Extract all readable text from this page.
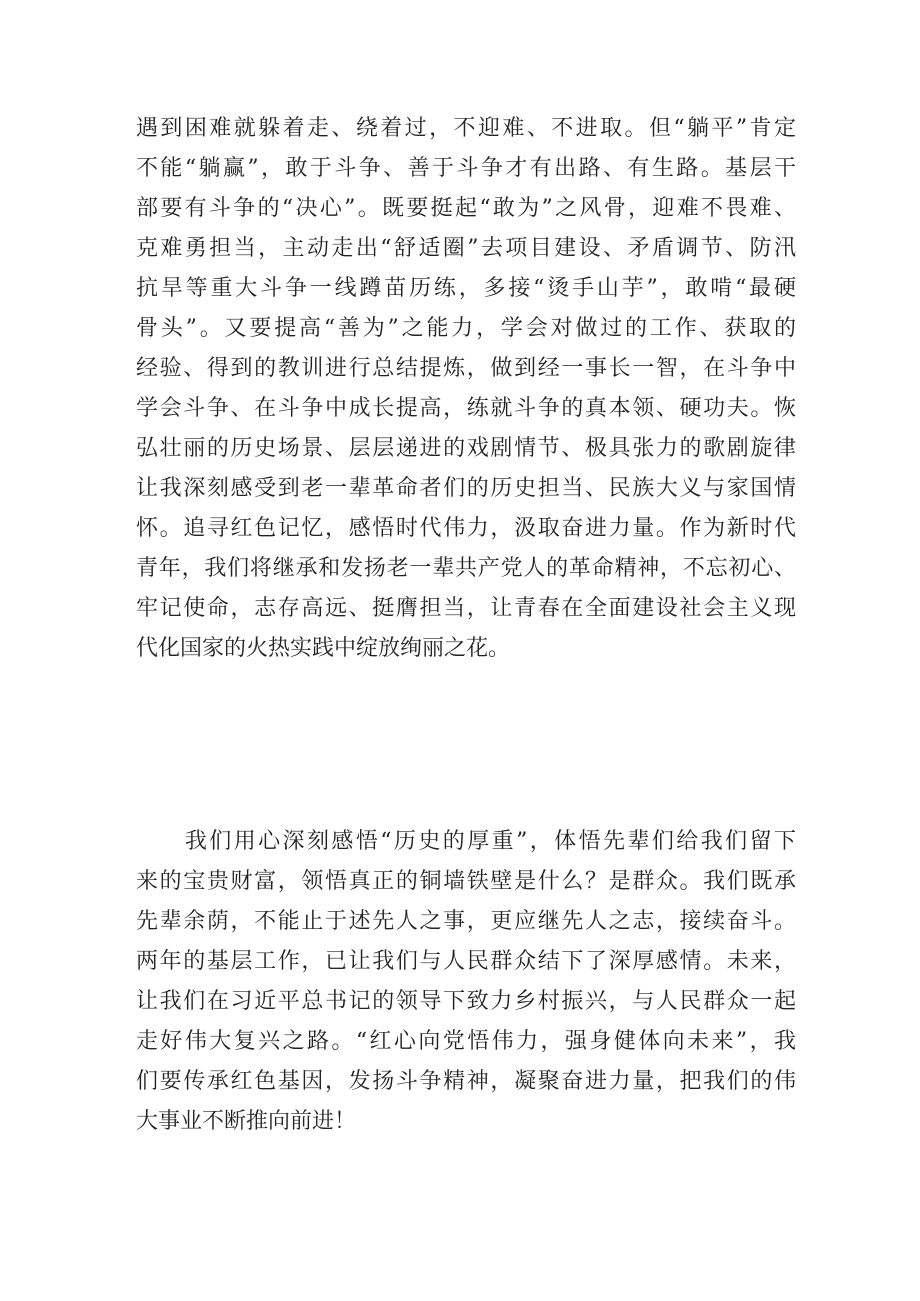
遇到困难就躲着走、绕着过，不迎难、不进取。但“躺平”肯定
不能“躺赢”，敢于斗争、善于斗争才有出路、有生路。基层干
部要有斗争的“决心”。既要挺起“敢为”之风骨，迎难不畏难、
克难勇担当，主动走出“舒适圈”去项目建设、矛盾调节、防汛
抗旱等重大斗争一线蹲苗历练，多接“烫手山芋”，敢啃“最硬
骨头”。又要提高“善为”之能力，学会对做过的工作、获取的
经验、得到的教训进行总结提炼，做到经一事长一智，在斗争中
学会斗争、在斗争中成长提高，练就斗争的真本领、硬功夫。恢
弘壮丽的历史场景、层层递进的戏剧情节、极具张力的歌剧旋律
让我深刻感受到老一辈革命者们的历史担当、民族大义与家国情
怀。追寻红色记忆，感悟时代伟力，汲取奋进力量。作为新时代
青年，我们将继承和发扬老一辈共产党人的革命精神，不忘初心、
牢记使命，志存高远、挺膺担当，让青春在全面建设社会主义现
代化国家的火热实践中绽放绚丽之花。
　　我们用心深刻感悟“历史的厚重”，体悟先辈们给我们留下
来的宝贵财富，领悟真正的铜墙铁壁是什么？是群众。我们既承
先辈余荫，不能止于述先人之事，更应继先人之志，接续奋斗。
两年的基层工作，已让我们与人民群众结下了深厚感情。未来，
让我们在习近平总书记的领导下致力乡村振兴，与人民群众一起
走好伟大复兴之路。“红心向党悟伟力，强身健体向未来”，我
们要传承红色基因，发扬斗争精神，凝聚奋进力量，把我们的伟
大事业不断推向前进！
